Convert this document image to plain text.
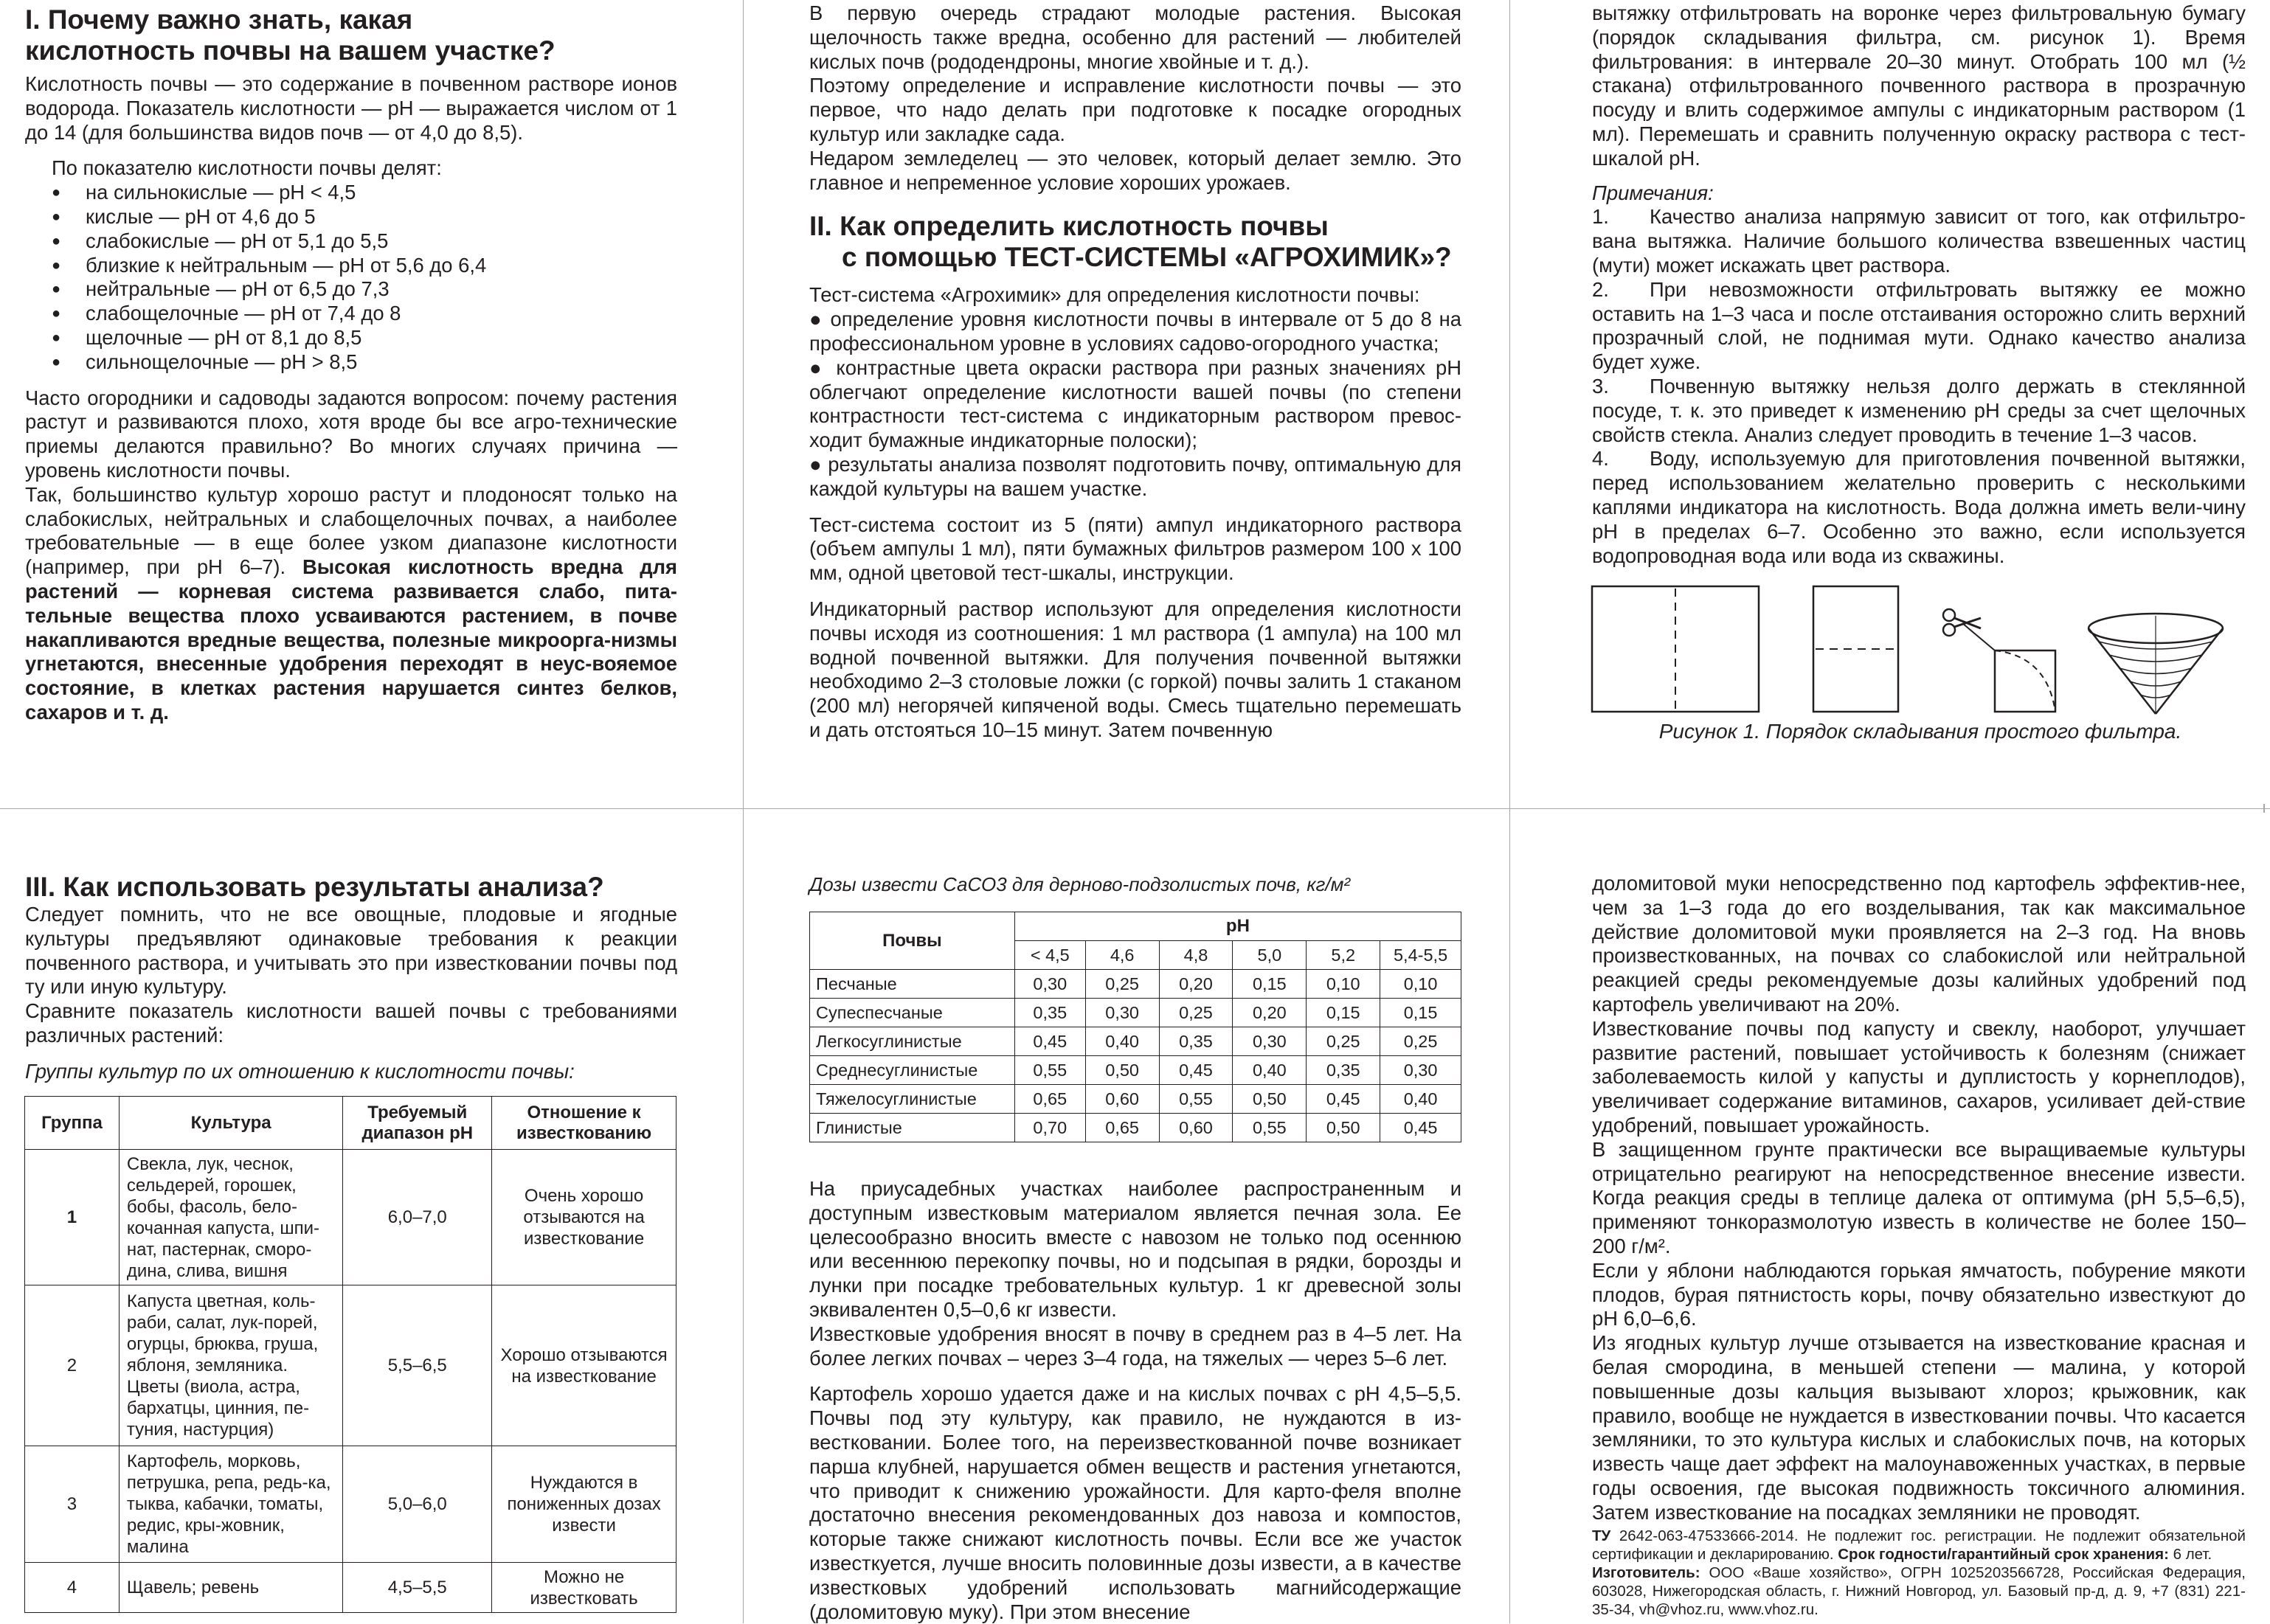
I. Почему важно знать, какая
кислотность почвы на вашем участке?

Кислотность почвы — это содержание в почвенном растворе ионов водорода. Показатель кислотности — рН — выражается числом от 1 до 14 (для большинства видов почв — от 4,0 до 8,5).

По показателю кислотности почвы делят:

● на сильнокислые — рН < 4,5
● кислые — рН от 4,6 до 5
● слабокислые — рН от 5,1 до 5,5
● близкие к нейтральным — рН от 5,6 до 6,4
● нейтральные — рН от 6,5 до 7,3
● слабощелочные — рН от 7,4 до 8
● щелочные — рН от 8,1 до 8,5
● сильнощелочные — рН > 8,5

Часто огородники и садоводы задаются вопросом: почему растения растут и развиваются плохо, хотя вроде бы все агро-технические приемы делаются правильно? Во многих случаях причина — уровень кислотности почвы.

Так, большинство культур хорошо растут и плодоносят только на слабокислых, нейтральных и слабощелочных почвах, а наиболее требовательные — в еще более узком диапазоне кислотности (например, при рН 6–7). Высокая кислотность вредна для растений — корневая система развивается слабо, пита-тельные вещества плохо усваиваются растением, в почве накапливаются вредные вещества, полезные микроорга-низмы угнетаются, внесенные удобрения переходят в неус-вояемое состояние, в клетках растения нарушается синтез белков, сахаров и т. д.

В первую очередь страдают молодые растения. Высокая щелочность также вредна, особенно для растений — любителей кислых почв (рододендроны, многие хвойные и т. д.).

Поэтому определение и исправление кислотности почвы — это первое, что надо делать при подготовке к посадке огородных культур или закладке сада.

Недаром земледелец — это человек, который делает землю. Это главное и непременное условие хороших урожаев.

II. Как определить кислотность почвы
с помощью ТЕСТ-СИСТЕМЫ «АГРОХИМИК»?

Тест-система «Агрохимик» для определения кислотности почвы:

● определение уровня кислотности почвы в интервале от 5 до 8 на профессиональном уровне в условиях садово-огородного участка;

● контрастные цвета окраски раствора при разных значениях рН облегчают определение кислотности вашей почвы (по степени контрастности тест-система с индикаторным раствором превос-ходит бумажные индикаторные полоски);

● результаты анализа позволят подготовить почву, оптимальную для каждой культуры на вашем участке.

Тест-система состоит из 5 (пяти) ампул индикаторного раствора (объем ампулы 1 мл), пяти бумажных фильтров размером 100 х 100 мм, одной цветовой тест-шкалы, инструкции.

Индикаторный раствор используют для определения кислотности почвы исходя из соотношения: 1 мл раствора (1 ампула) на 100 мл водной почвенной вытяжки. Для получения почвенной вытяжки необходимо 2–3 столовые ложки (с горкой) почвы залить 1 стаканом (200 мл) негорячей кипяченой воды. Смесь тщательно перемешать и дать отстояться 10–15 минут. Затем почвенную

вытяжку отфильтровать на воронке через фильтровальную бумагу (порядок складывания фильтра, см. рисунок 1). Время фильтрования: в интервале 20–30 минут. Отобрать 100 мл (½ стакана) отфильтрованного почвенного раствора в прозрачную посуду и влить содержимое ампулы с индикаторным раствором (1 мл). Перемешать и сравнить полученную окраску раствора с тест-шкалой рН.

Примечания:

1. Качество анализа напрямую зависит от того, как отфильтро-вана вытяжка. Наличие большого количества взвешенных частиц (мути) может искажать цвет раствора.

2. При невозможности отфильтровать вытяжку ее можно оставить на 1–3 часа и после отстаивания осторожно слить верхний прозрачный слой, не поднимая мути. Однако качество анализа будет хуже.

3. Почвенную вытяжку нельзя долго держать в стеклянной посуде, т. к. это приведет к изменению рН среды за счет щелочных свойств стекла. Анализ следует проводить в течение 1–3 часов.

4. Воду, используемую для приготовления почвенной вытяжки, перед использованием желательно проверить с несколькими каплями индикатора на кислотность. Вода должна иметь вели-чину рН в пределах 6–7. Особенно это важно, если используется водопроводная вода или вода из скважины.

Рисунок 1. Порядок складывания простого фильтра.
III. Как использовать результаты анализа?

Следует помнить, что не все овощные, плодовые и ягодные культуры предъявляют одинаковые требования к реакции почвенного раствора, и учитывать это при известковании почвы под ту или иную культуру.

Сравните показатель кислотности вашей почвы с требованиями различных растений:

Группы культур по их отношению к кислотности почвы:

Группа	Культура	Требуемый диапазон рН	Отношение к известкованию
1	Свекла, лук, чеснок, сельдерей, горошек, бобы, фасоль, бело-кочанная капуста, шпи-нат, пастернак, сморо-дина, слива, вишня	6,0–7,0	Очень хорошо отзываются на известкование
2	Капуста цветная, коль-раби, салат, лук-порей, огурцы, брюква, груша, яблоня, земляника. Цветы (виола, астра, бархатцы, цинния, пе-туния, настурция)	5,5–6,5	Хорошо отзываются на известкование
3	Картофель, морковь, петрушка, репа, редь-ка, тыква, кабачки, томаты, редис, кры-жовник, малина	5,0–6,0	Нуждаются в пониженных дозах извести
4	Щавель; ревень	4,5–5,5	Можно не известковать
Дозы извести СаСО3 для дерново-подзолистых почв, кг/м²
Почвы	рН					
	< 4,5	4,6	4,8	5,0	5,2	5,4-5,5
Песчаные	0,30	0,25	0,20	0,15	0,10	0,10
Супеспесчаные	0,35	0,30	0,25	0,20	0,15	0,15
Легкосуглинистые	0,45	0,40	0,35	0,30	0,25	0,25
Среднесуглинистые	0,55	0,50	0,45	0,40	0,35	0,30
Тяжелосуглинистые	0,65	0,60	0,55	0,50	0,45	0,40
Глинистые	0,70	0,65	0,60	0,55	0,50	0,45

На приусадебных участках наиболее распространенным и доступным известковым материалом является печная зола. Ее целесообразно вносить вместе с навозом не только под осеннюю или весеннюю перекопку почвы, но и подсыпая в рядки, борозды и лунки при посадке требовательных культур. 1 кг древесной золы эквивалентен 0,5–0,6 кг извести.

Известковые удобрения вносят в почву в среднем раз в 4–5 лет. На более легких почвах – через 3–4 года, на тяжелых — через 5–6 лет.

Картофель хорошо удается даже и на кислых почвах с рН 4,5–5,5. Почвы под эту культуру, как правило, не нуждаются в из-вестковании. Более того, на переизвесткованной почве возникает парша клубней, нарушается обмен веществ и растения угнетаются, что приводит к снижению урожайности. Для карто-феля вполне достаточно внесения рекомендованных доз навоза и компостов, которые также снижают кислотность почвы. Если все же участок известкуется, лучше вносить половинные дозы извести, а в качестве известковых удобрений использовать магнийсодержащие (доломитовую муку). При этом внесение

доломитовой муки непосредственно под картофель эффектив-нее, чем за 1–3 года до его возделывания, так как максимальное действие доломитовой муки проявляется на 2–3 год. На вновь произвесткованных, на почвах со слабокислой или нейтральной реакцией среды рекомендуемые дозы калийных удобрений под картофель увеличивают на 20%.

Известкование почвы под капусту и свеклу, наоборот, улучшает развитие растений, повышает устойчивость к болезням (снижает заболеваемость килой у капусты и дуплистость у корнеплодов), увеличивает содержание витаминов, сахаров, усиливает дей-ствие удобрений, повышает урожайность.

В защищенном грунте практически все выращиваемые культуры отрицательно реагируют на непосредственное внесение извести. Когда реакция среды в теплице далека от оптимума (рН 5,5–6,5), применяют тонкоразмолотую известь в количестве не более 150–200 г/м².

Если у яблони наблюдаются горькая ямчатость, побурение мякоти плодов, бурая пятнистость коры, почву обязательно известкуют до рН 6,0–6,6.

Из ягодных культур лучше отзывается на известкование красная и белая смородина, в меньшей степени — малина, у которой повышенные дозы кальция вызывают хлороз; крыжовник, как правило, вообще не нуждается в известковании почвы. Что касается земляники, то это культура кислых и слабокислых почв, на которых известь чаще дает эффект на малоунавоженных участках, в первые годы освоения, где высокая подвижность токсичного алюминия. Затем известкование на посадках земляники не проводят.

ТУ 2642-063-47533666-2014. Не подлежит гос. регистрации. Не подлежит обязательной сертификации и декларированию. Срок годности/гарантийный срок хранения: 6 лет.

Изготовитель: ООО «Ваше хозяйство», ОГРН 1025203566728, Российская Федерация, 603028, Нижегородская область, г. Нижний Новгород, ул. Базовый пр-д, д. 9, +7 (831) 221-35-34, vh@vhoz.ru, www.vhoz.ru.
